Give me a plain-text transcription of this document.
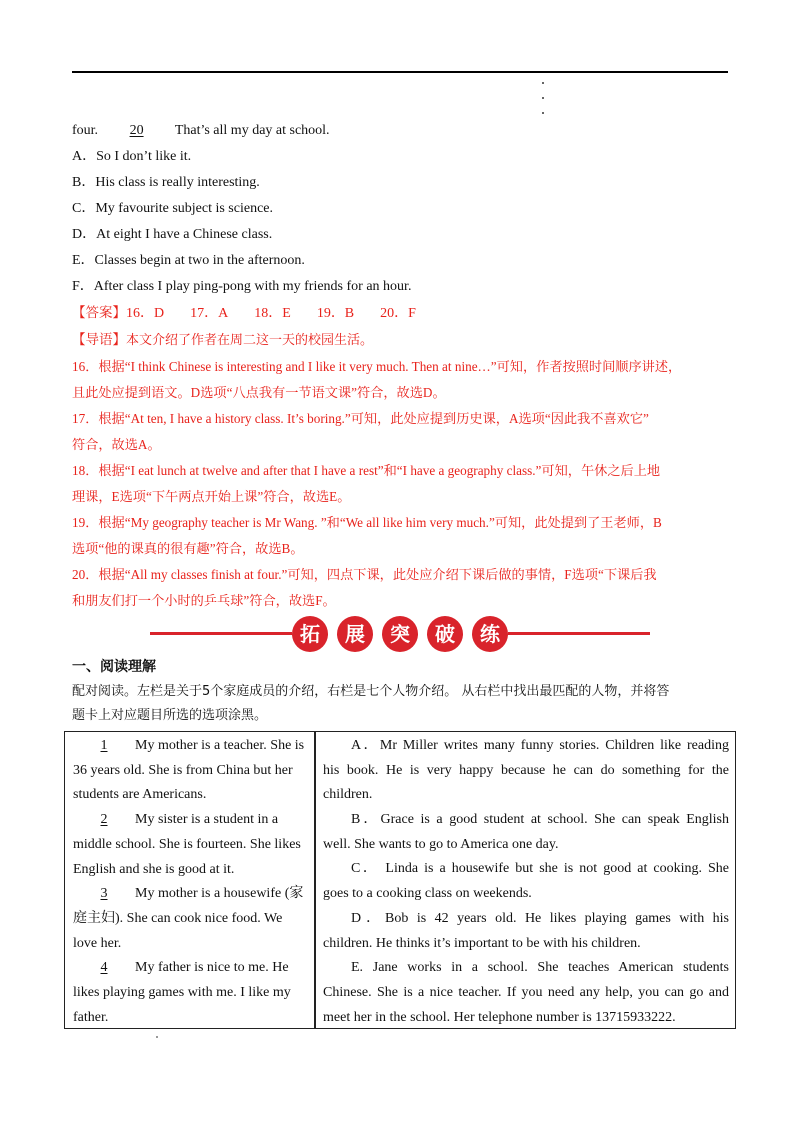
four. 20 That’s all my day at school.
A．So I don’t like it.
B．His class is really interesting.
C．My favourite subject is science.
D．At eight I have a Chinese class.
E．Classes begin at two in the afternoon.
F．After class I play ping-pong with my friends for an hour.
【答案】16．D 17．A 18．E 19．B 20．F
【导语】本文介绍了作者在周二这一天的校园生活。
16．根据“I think Chinese is interesting and I like it very much. Then at nine…”可知，作者按照时间顺序讲述，
且此处应提到语文。D选项“八点我有一节语文课”符合，故选D。
17．根据“At ten, I have a history class. It’s boring.”可知，此处应提到历史课，A选项“因此我不喜欢它”
符合，故选A。
18．根据“I eat lunch at twelve and after that I have a rest”和“I have a geography class.”可知，午休之后上地
理课，E选项“下午两点开始上课”符合，故选E。
19．根据“My geography teacher is Mr Wang. ”和“We all like him very much.”可知，此处提到了王老师，B
选项“他的课真的很有趣”符合，故选B。
20．根据“All my classes finish at four.”可知，四点下课，此处应介绍下课后做的事情，F选项“下课后我
和朋友们打一个小时的乒乓球”符合，故选F。
拓	展	突	破	练
一、阅读理解
配对阅读。左栏是关于5个家庭成员的介绍，右栏是七个人物介绍。 从右栏中找出最匹配的人物，并将答
题卡上对应题目所选的选项涂黑。
1 My mother is a teacher. She is
36 years old. She is from China but her
students are Americans.
2 My sister is a student in a
middle school. She is fourteen. She likes
English and she is good at it.
3 My mother is a housewife (家
庭主妇). She can cook nice food. We
love her.
4 My father is nice to me. He
likes playing games with me. I like my
father.
A．Mr Miller writes many funny stories. Children like reading
his book. He is very happy because he can do something for the
children.
B．Grace is a good student at school. She can speak English
well. She wants to go to America one day.
C． Linda is a housewife but she is not good at cooking. She
goes to a cooking class on weekends.
D．Bob is 42 years old. He likes playing games with his
children. He thinks it’s important to be with his children.
E. Jane works in a school. She teaches American students
Chinese. She is a nice teacher. If you need any help, you can go and
meet her in the school. Her telephone number is 13715933222.
